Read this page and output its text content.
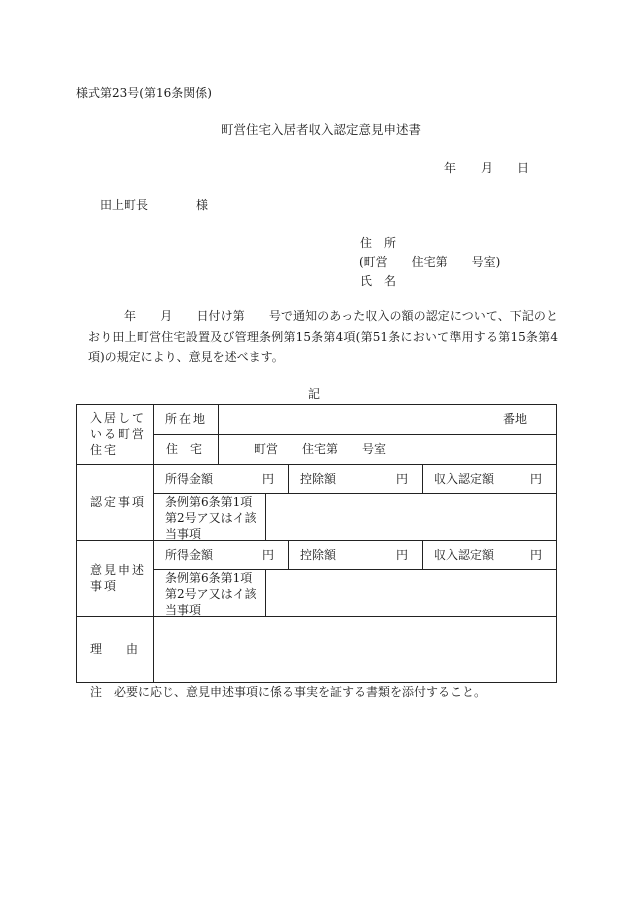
様式第23号(第16条関係)
町営住宅入居者収入認定意見申述書
年 月 日
田上町長	様
住　所
(町営　　住宅第　　号室)
氏　名
年　　月　　日付け第　　号で通知のあった収入の額の認定について、下記のとおり田上町営住宅設置及び管理条例第15条第4項(第51条において準用する第15条第4項)の規定により、意見を述べます。
記
入居している町営住宅
所在地	番地
住　宅	町営　　住宅第　　号室
認定事項
所得金額	円 控除額	円 収入認定額	円
条例第6条第1項第2号ア又はイ該当事項
意見申述事項
所得金額	円 控除額	円 収入認定額	円
条例第6条第1項第2号ア又はイ該当事項
理　　由
注　必要に応じ、意見申述事項に係る事実を証する書類を添付すること。
